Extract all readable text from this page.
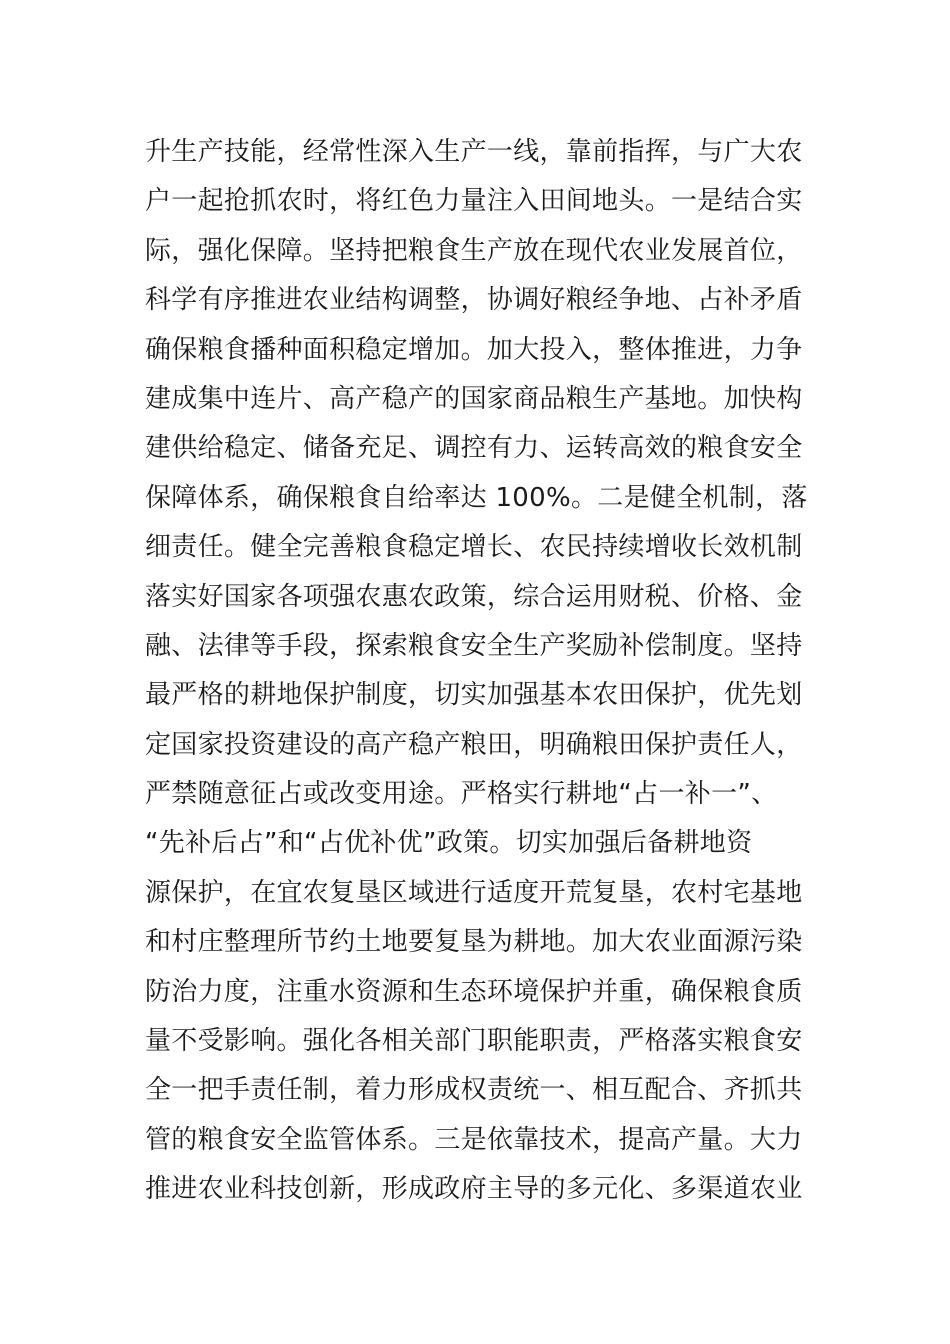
升生产技能，经常性深入生产一线，靠前指挥，与广大农
户一起抢抓农时，将红色力量注入田间地头。一是结合实
际，强化保障。坚持把粮食生产放在现代农业发展首位，
科学有序推进农业结构调整，协调好粮经争地、占补矛盾
确保粮食播种面积稳定增加。加大投入，整体推进，力争
建成集中连片、高产稳产的国家商品粮生产基地。加快构
建供给稳定、储备充足、调控有力、运转高效的粮食安全
保障体系，确保粮食自给率达 100%。二是健全机制，落
细责任。健全完善粮食稳定增长、农民持续增收长效机制
落实好国家各项强农惠农政策，综合运用财税、价格、金
融、法律等手段，探索粮食安全生产奖励补偿制度。坚持
最严格的耕地保护制度，切实加强基本农田保护，优先划
定国家投资建设的高产稳产粮田，明确粮田保护责任人，
严禁随意征占或改变用途。严格实行耕地“占一补一”、
“先补后占”和“占优补优”政策。切实加强后备耕地资
源保护，在宜农复垦区域进行适度开荒复垦，农村宅基地
和村庄整理所节约土地要复垦为耕地。加大农业面源污染
防治力度，注重水资源和生态环境保护并重，确保粮食质
量不受影响。强化各相关部门职能职责，严格落实粮食安
全一把手责任制，着力形成权责统一、相互配合、齐抓共
管的粮食安全监管体系。三是依靠技术，提高产量。大力
推进农业科技创新，形成政府主导的多元化、多渠道农业
